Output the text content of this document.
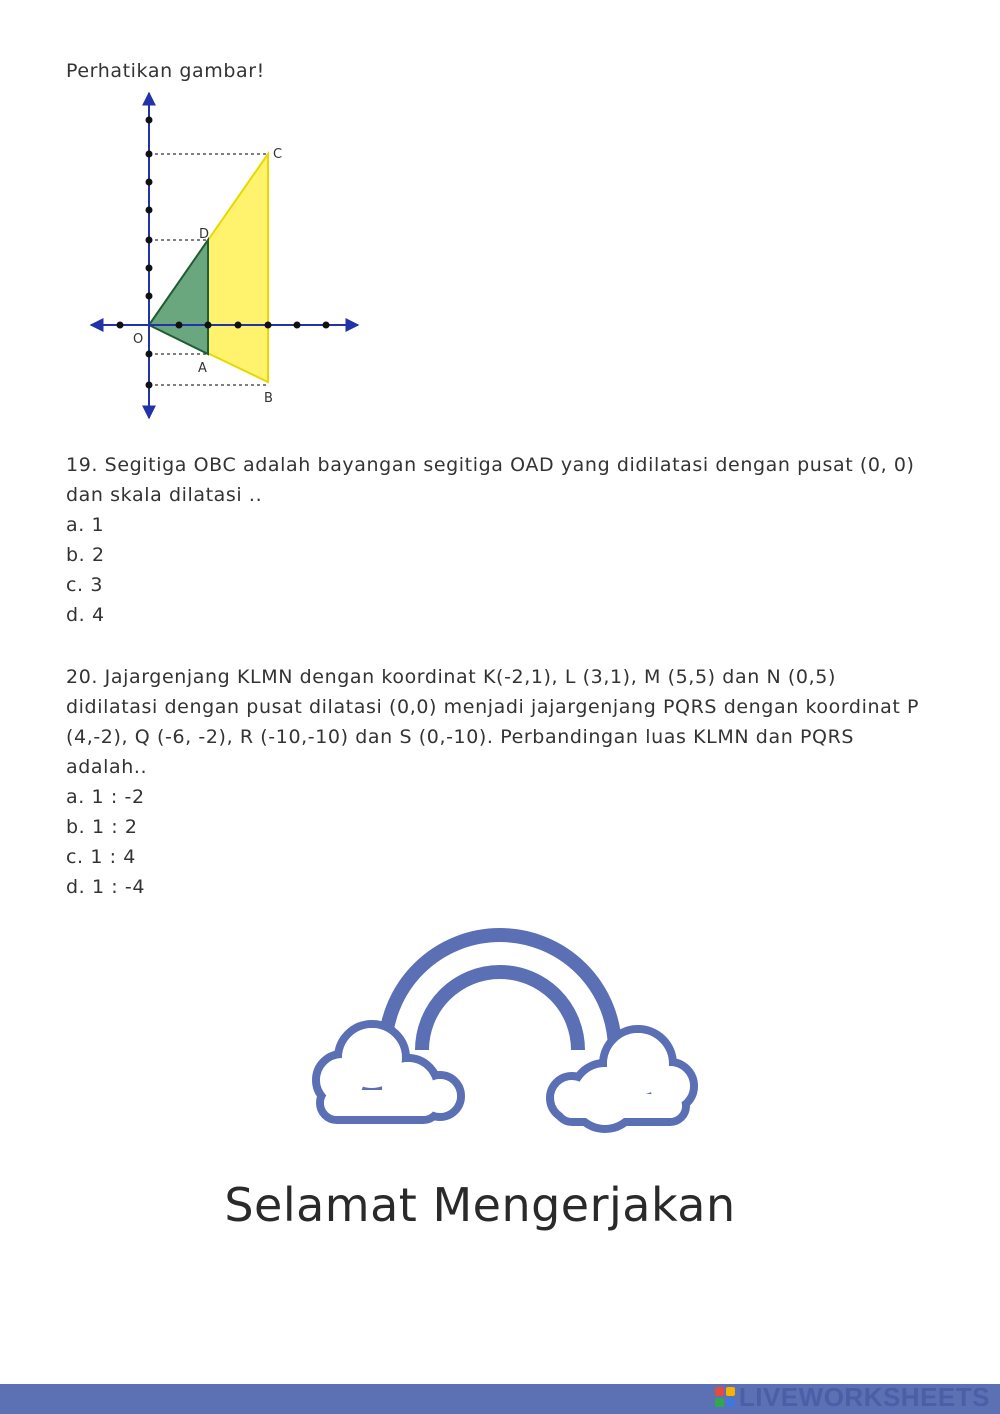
Perhatikan gambar!

C
D
O
A
B

19. Segitiga OBC adalah bayangan segitiga OAD yang didilatasi dengan pusat (0, 0) dan skala dilatasi ..

a. 1
b. 2
c. 3
d. 4

20. Jajargenjang KLMN dengan koordinat K(-2,1), L (3,1), M (5,5) dan N (0,5) didilatasi dengan pusat dilatasi (0,0) menjadi jajargenjang PQRS dengan koordinat P (4,-2), Q (-6, -2), R (-10,-10) dan S (0,-10). Perbandingan luas KLMN dan PQRS adalah..

a. 1 : -2
b. 1 : 2
c. 1 : 4
d. 1 : -4
Selamat Mengerjakan
LIVEWORKSHEETS
